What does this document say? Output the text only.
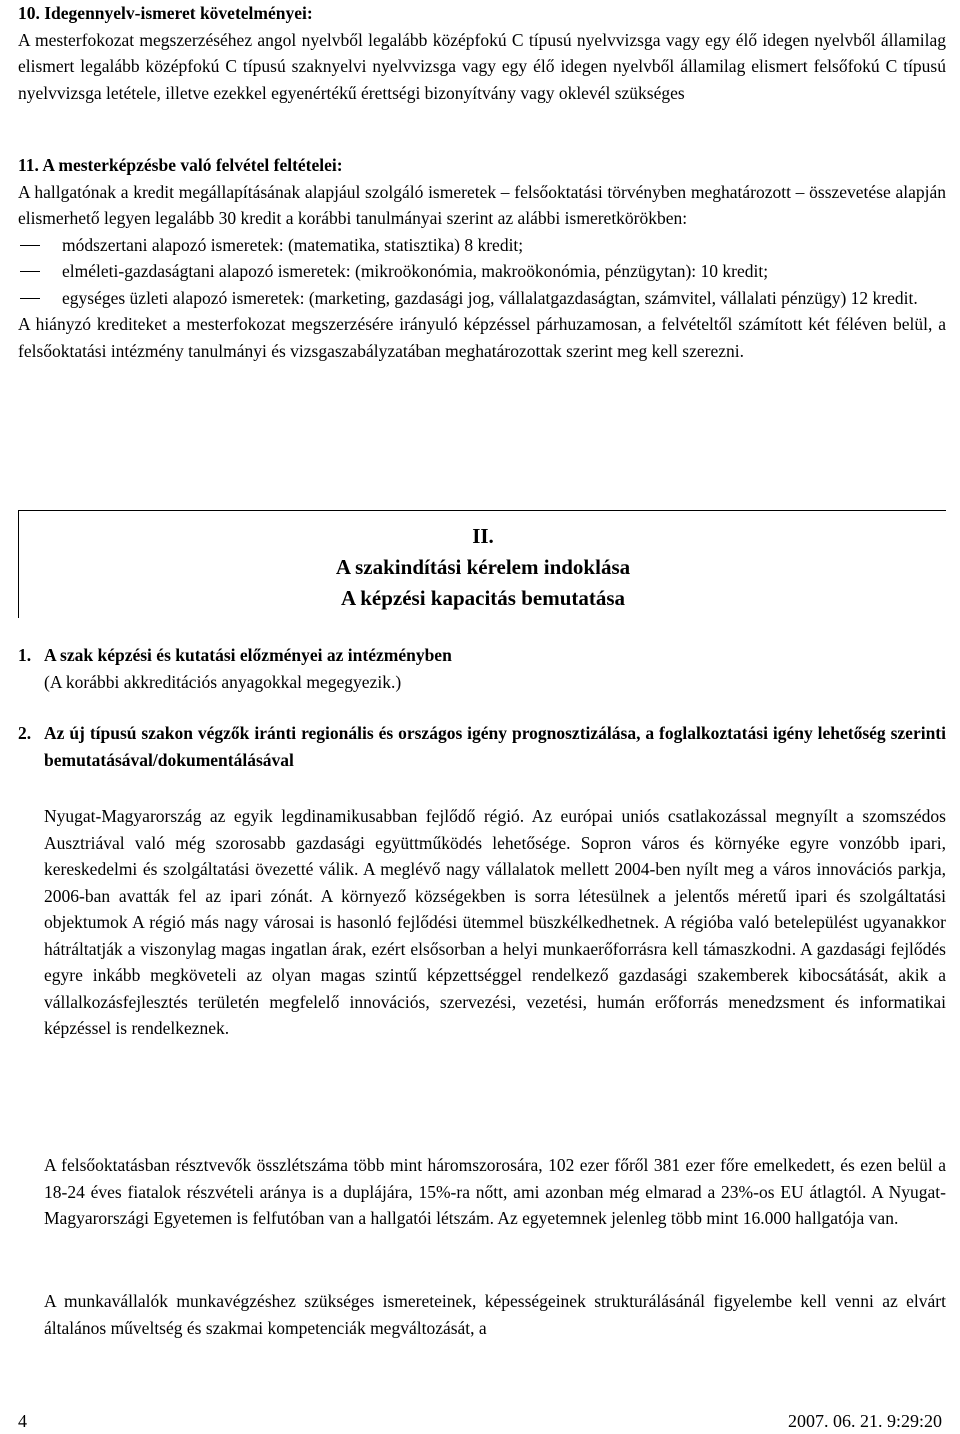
10. Idegennyelv-ismeret követelményei:
A mesterfokozat megszerzéséhez angol nyelvből legalább középfokú C típusú nyelvvizsga vagy egy élő idegen nyelvből államilag elismert legalább középfokú C típusú szaknyelvi nyelvvizsga vagy egy élő idegen nyelvből államilag elismert felsőfokú C típusú nyelvvizsga letétele, illetve ezekkel egyenértékű érettségi bizonyítvány vagy oklevél szükséges
11. A mesterképzésbe való felvétel feltételei:
A hallgatónak a kredit megállapításának alapjául szolgáló ismeretek – felsőoktatási törvényben meghatározott – összevetése alapján elismerhető legyen legalább 30 kredit a korábbi tanulmányai szerint az alábbi ismeretkörökben:
módszertani alapozó ismeretek: (matematika, statisztika) 8 kredit;
elméleti-gazdaságtani alapozó ismeretek: (mikroökonómia, makroökonómia, pénzügytan): 10 kredit;
egységes üzleti alapozó ismeretek: (marketing, gazdasági jog, vállalatgazdaságtan, számvitel, vállalati pénzügy) 12 kredit.
A hiányzó krediteket a mesterfokozat megszerzésére irányuló képzéssel párhuzamosan, a felvételtől számított két féléven belül, a felsőoktatási intézmény tanulmányi és vizsgaszabályzatában meghatározottak szerint meg kell szerezni.
II.
A szakindítási kérelem indoklása
A képzési kapacitás bemutatása
1. A szak képzési és kutatási előzményei az intézményben
(A korábbi akkreditációs anyagokkal megegyezik.)
2. Az új típusú szakon végzők iránti regionális és országos igény prognosztizálása, a foglalkoztatási igény lehetőség szerinti bemutatásával/dokumentálásával
Nyugat-Magyarország az egyik legdinamikusabban fejlődő régió. Az európai uniós csatlakozással megnyílt a szomszédos Ausztriával való még szorosabb gazdasági együttműködés lehetősége. Sopron város és környéke egyre vonzóbb ipari, kereskedelmi és szolgáltatási övezetté válik. A meglévő nagy vállalatok mellett 2004-ben nyílt meg a város innovációs parkja, 2006-ban avatták fel az ipari zónát. A környező községekben is sorra létesülnek a jelentős méretű ipari és szolgáltatási objektumok A régió más nagy városai is hasonló fejlődési ütemmel büszkélkedhetnek. A régióba való betelepülést ugyanakkor hátráltatják a viszonylag magas ingatlan árak, ezért elsősorban a helyi munkaerőforrásra kell támaszkodni. A gazdasági fejlődés egyre inkább megköveteli az olyan magas szintű képzettséggel rendelkező gazdasági szakemberek kibocsátását, akik a vállalkozásfejlesztés területén megfelelő innovációs, szervezési, vezetési, humán erőforrás menedzsment és informatikai képzéssel is rendelkeznek.
A felsőoktatásban résztvevők összlétszáma több mint háromszorosára, 102 ezer főről 381 ezer főre emelkedett, és ezen belül a 18-24 éves fiatalok részvételi aránya is a duplájára, 15%-ra nőtt, ami azonban még elmarad a 23%-os EU átlagtól. A Nyugat-Magyarországi Egyetemen is felfutóban van a hallgatói létszám. Az egyetemnek jelenleg több mint 16.000 hallgatója van.
A munkavállalók munkavégzéshez szükséges ismereteinek, képességeinek strukturálásánál figyelembe kell venni az elvárt általános műveltség és szakmai kompetenciák megváltozását, a
4	2007. 06. 21. 9:29:20
